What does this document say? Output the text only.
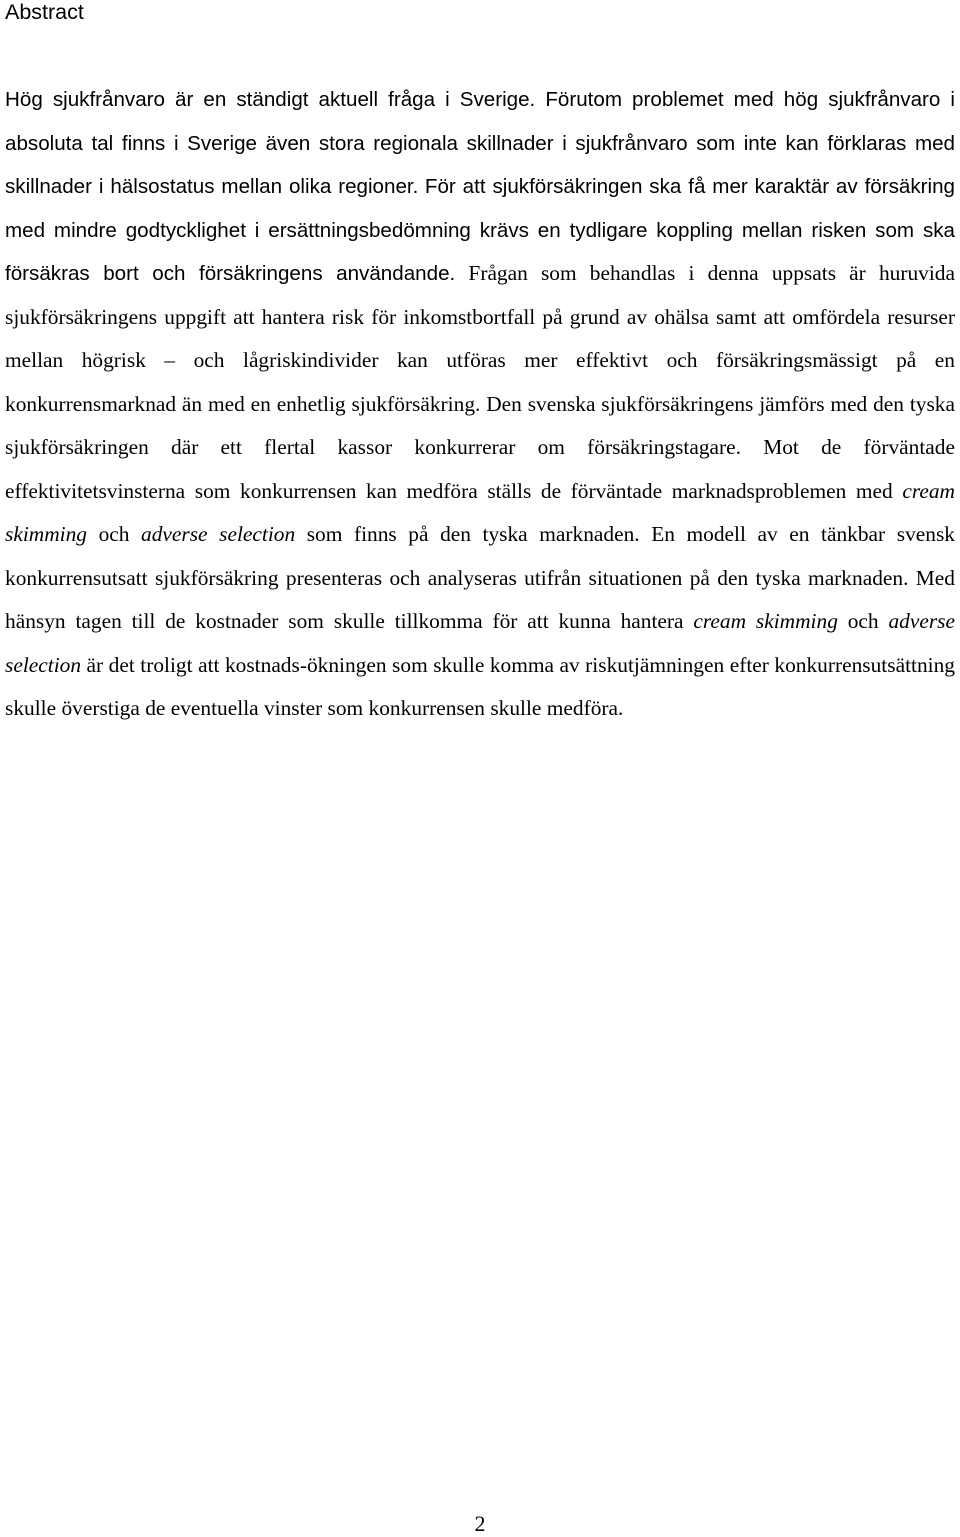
Abstract

Hög sjukfrånvaro är en ständigt aktuell fråga i Sverige. Förutom problemet med hög sjukfrånvaro i absoluta tal finns i Sverige även stora regionala skillnader i sjukfrånvaro som inte kan förklaras med skillnader i hälsostatus mellan olika regioner. För att sjukförsäkringen ska få mer karaktär av försäkring med mindre godtycklighet i ersättningsbedömning krävs en tydligare koppling mellan risken som ska försäkras bort och försäkringens användande. Frågan som behandlas i denna uppsats är huruvida sjukförsäkringens uppgift att hantera risk för inkomstbortfall på grund av ohälsa samt att omfördela resurser mellan högrisk – och lågriskindivider kan utföras mer effektivt och försäkringsmässigt på en konkurrensmarknad än med en enhetlig sjukförsäkring. Den svenska sjukförsäkringens jämförs med den tyska sjukförsäkringen där ett flertal kassor konkurrerar om försäkringstagare. Mot de förväntade effektivitetsvinsterna som konkurrensen kan medföra ställs de förväntade marknadsproblemen med cream skimming och adverse selection som finns på den tyska marknaden. En modell av en tänkbar svensk konkurrensutsatt sjukförsäkring presenteras och analyseras utifrån situationen på den tyska marknaden. Med hänsyn tagen till de kostnader som skulle tillkomma för att kunna hantera cream skimming och adverse selection är det troligt att kostnads-ökningen som skulle komma av riskutjämningen efter konkurrensutsättning skulle överstiga de eventuella vinster som konkurrensen skulle medföra.

2
